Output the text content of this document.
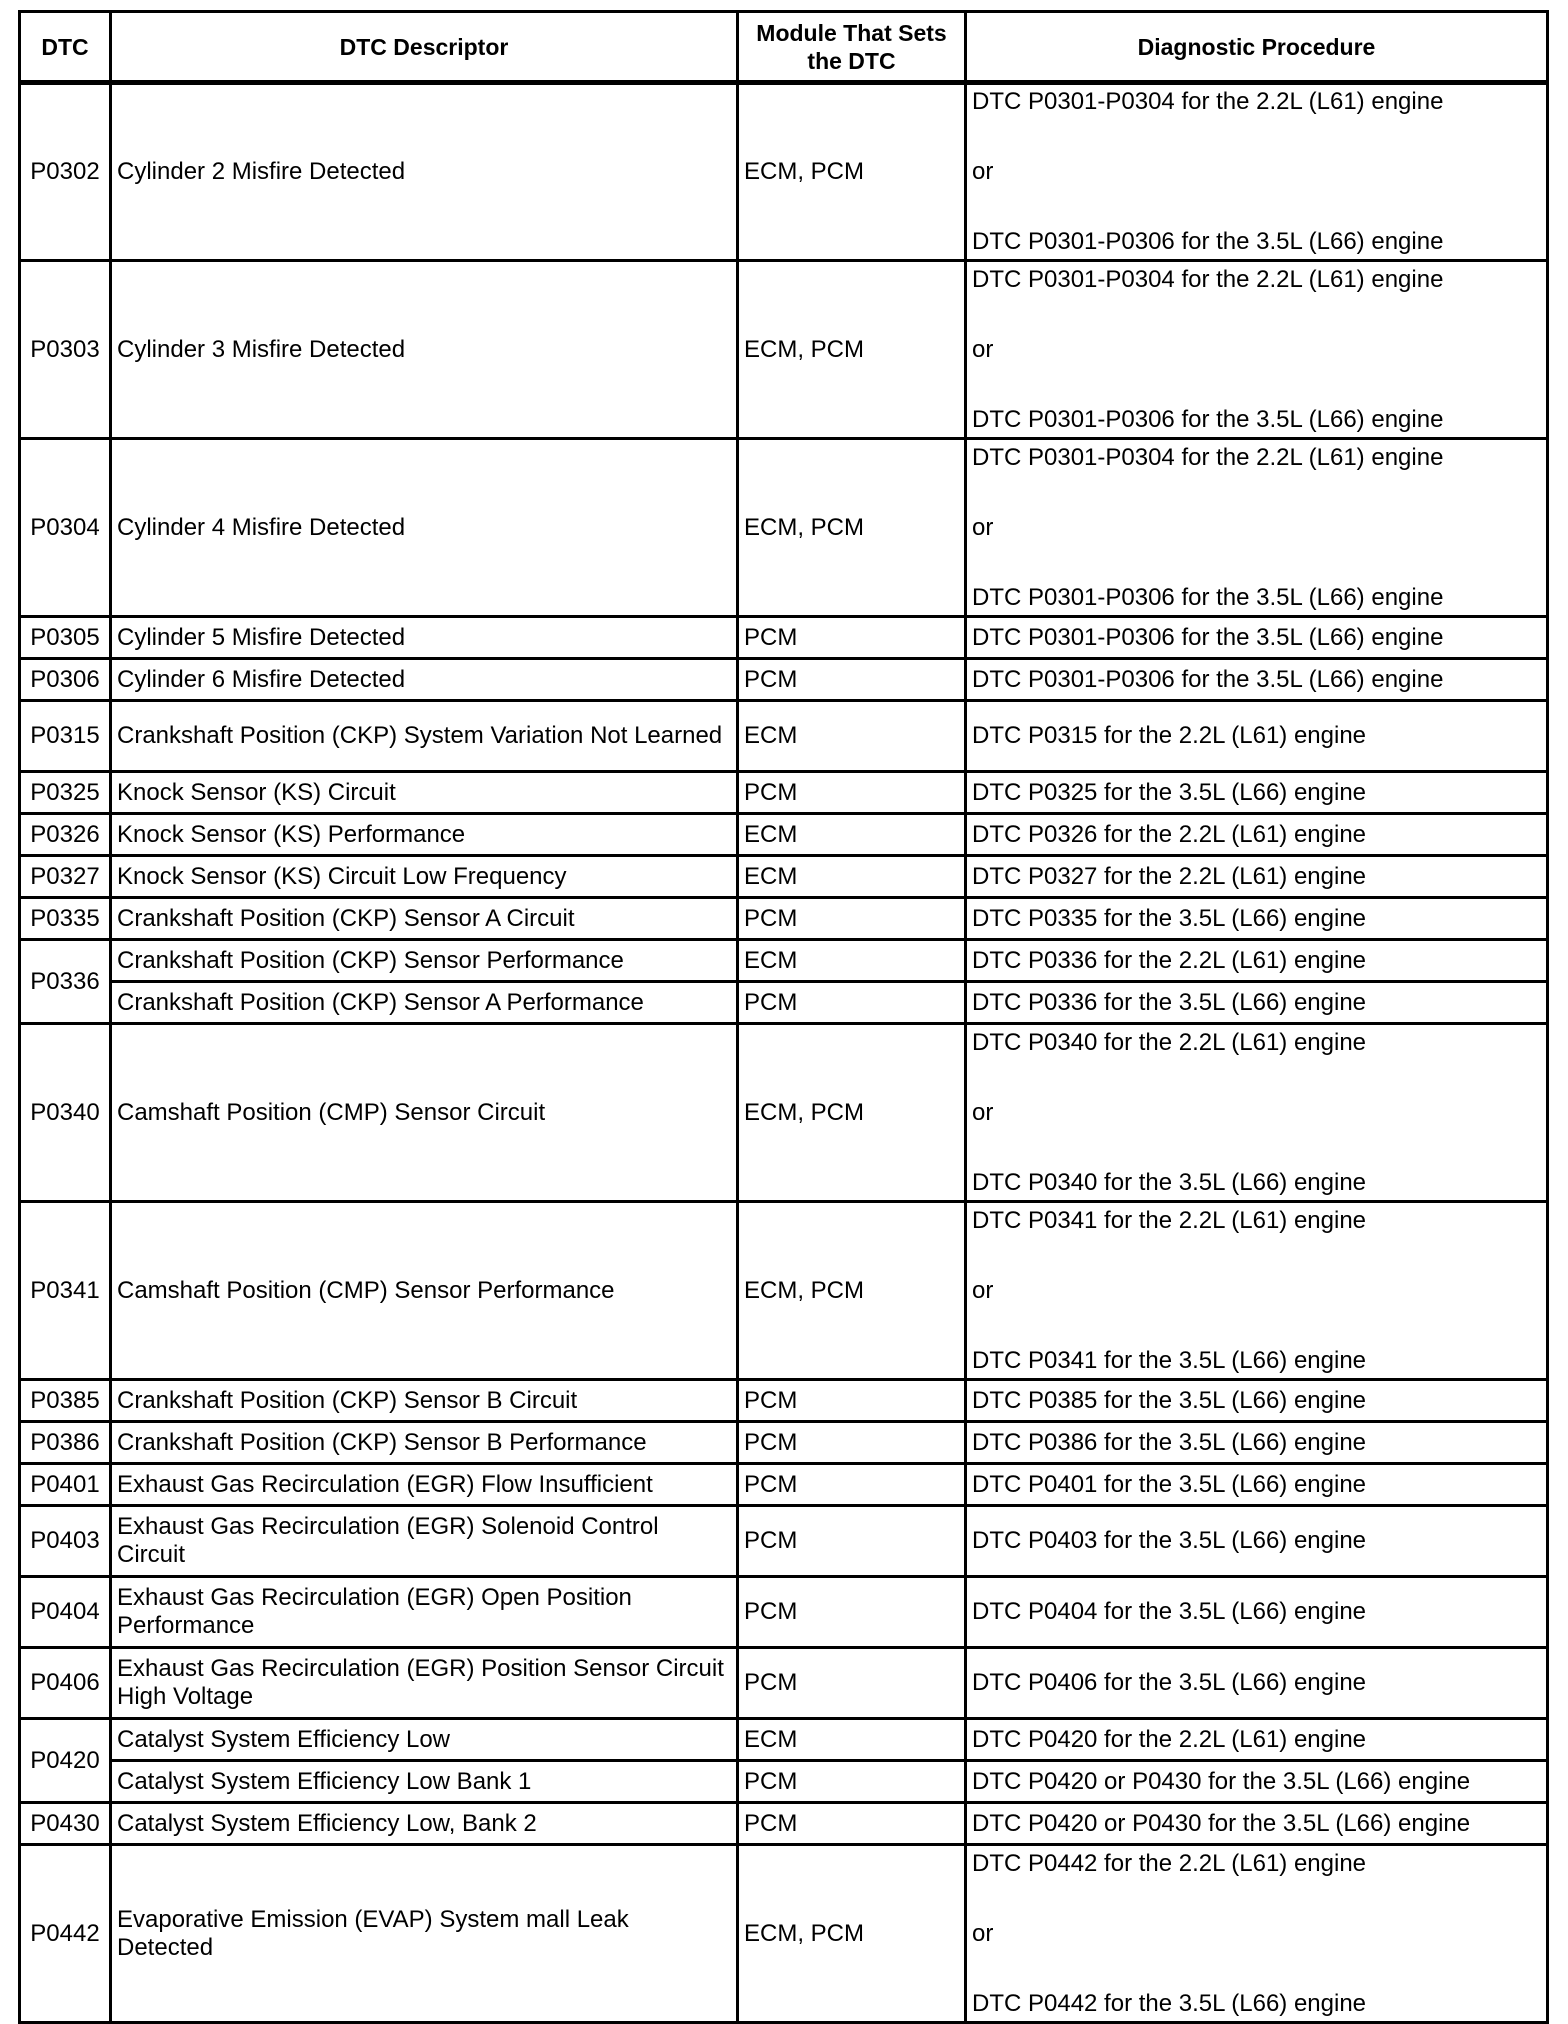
DTC	DTC Descriptor	Module That Sets the DTC	Diagnostic Procedure
P0302	Cylinder 2 Misfire Detected	ECM, PCM	DTC P0301-P0304 for the 2.2L (L61) engine
or
DTC P0301-P0306 for the 3.5L (L66) engine

P0303	Cylinder 3 Misfire Detected	ECM, PCM	DTC P0301-P0304 for the 2.2L (L61) engine
or
DTC P0301-P0306 for the 3.5L (L66) engine

P0304	Cylinder 4 Misfire Detected	ECM, PCM	DTC P0301-P0304 for the 2.2L (L61) engine
or
DTC P0301-P0306 for the 3.5L (L66) engine

P0305	Cylinder 5 Misfire Detected	PCM	DTC P0301-P0306 for the 3.5L (L66) engine
P0306	Cylinder 6 Misfire Detected	PCM	DTC P0301-P0306 for the 3.5L (L66) engine
P0315	Crankshaft Position (CKP) System Variation Not Learned	ECM	DTC P0315 for the 2.2L (L61) engine
P0325	Knock Sensor (KS) Circuit	PCM	DTC P0325 for the 3.5L (L66) engine
P0326	Knock Sensor (KS) Performance	ECM	DTC P0326 for the 2.2L (L61) engine
P0327	Knock Sensor (KS) Circuit Low Frequency	ECM	DTC P0327 for the 2.2L (L61) engine
P0335	Crankshaft Position (CKP) Sensor A Circuit	PCM	DTC P0335 for the 3.5L (L66) engine
P0336	Crankshaft Position (CKP) Sensor Performance	ECM	DTC P0336 for the 2.2L (L61) engine
	Crankshaft Position (CKP) Sensor A Performance	PCM	DTC P0336 for the 3.5L (L66) engine
P0340	Camshaft Position (CMP) Sensor Circuit	ECM, PCM	DTC P0340 for the 2.2L (L61) engine
or
DTC P0340 for the 3.5L (L66) engine

P0341	Camshaft Position (CMP) Sensor Performance	ECM, PCM	DTC P0341 for the 2.2L (L61) engine
or
DTC P0341 for the 3.5L (L66) engine

P0385	Crankshaft Position (CKP) Sensor B Circuit	PCM	DTC P0385 for the 3.5L (L66) engine
P0386	Crankshaft Position (CKP) Sensor B Performance	PCM	DTC P0386 for the 3.5L (L66) engine
P0401	Exhaust Gas Recirculation (EGR) Flow Insufficient	PCM	DTC P0401 for the 3.5L (L66) engine
P0403	Exhaust Gas Recirculation (EGR) Solenoid Control Circuit	PCM	DTC P0403 for the 3.5L (L66) engine
P0404	Exhaust Gas Recirculation (EGR) Open Position Performance	PCM	DTC P0404 for the 3.5L (L66) engine
P0406	Exhaust Gas Recirculation (EGR) Position Sensor Circuit High Voltage	PCM	DTC P0406 for the 3.5L (L66) engine
P0420	Catalyst System Efficiency Low	ECM	DTC P0420 for the 2.2L (L61) engine
	Catalyst System Efficiency Low Bank 1	PCM	DTC P0420 or P0430 for the 3.5L (L66) engine
P0430	Catalyst System Efficiency Low, Bank 2	PCM	DTC P0420 or P0430 for the 3.5L (L66) engine
P0442	Evaporative Emission (EVAP) System mall Leak Detected	ECM, PCM	DTC P0442 for the 2.2L (L61) engine
or
DTC P0442 for the 3.5L (L66) engine
